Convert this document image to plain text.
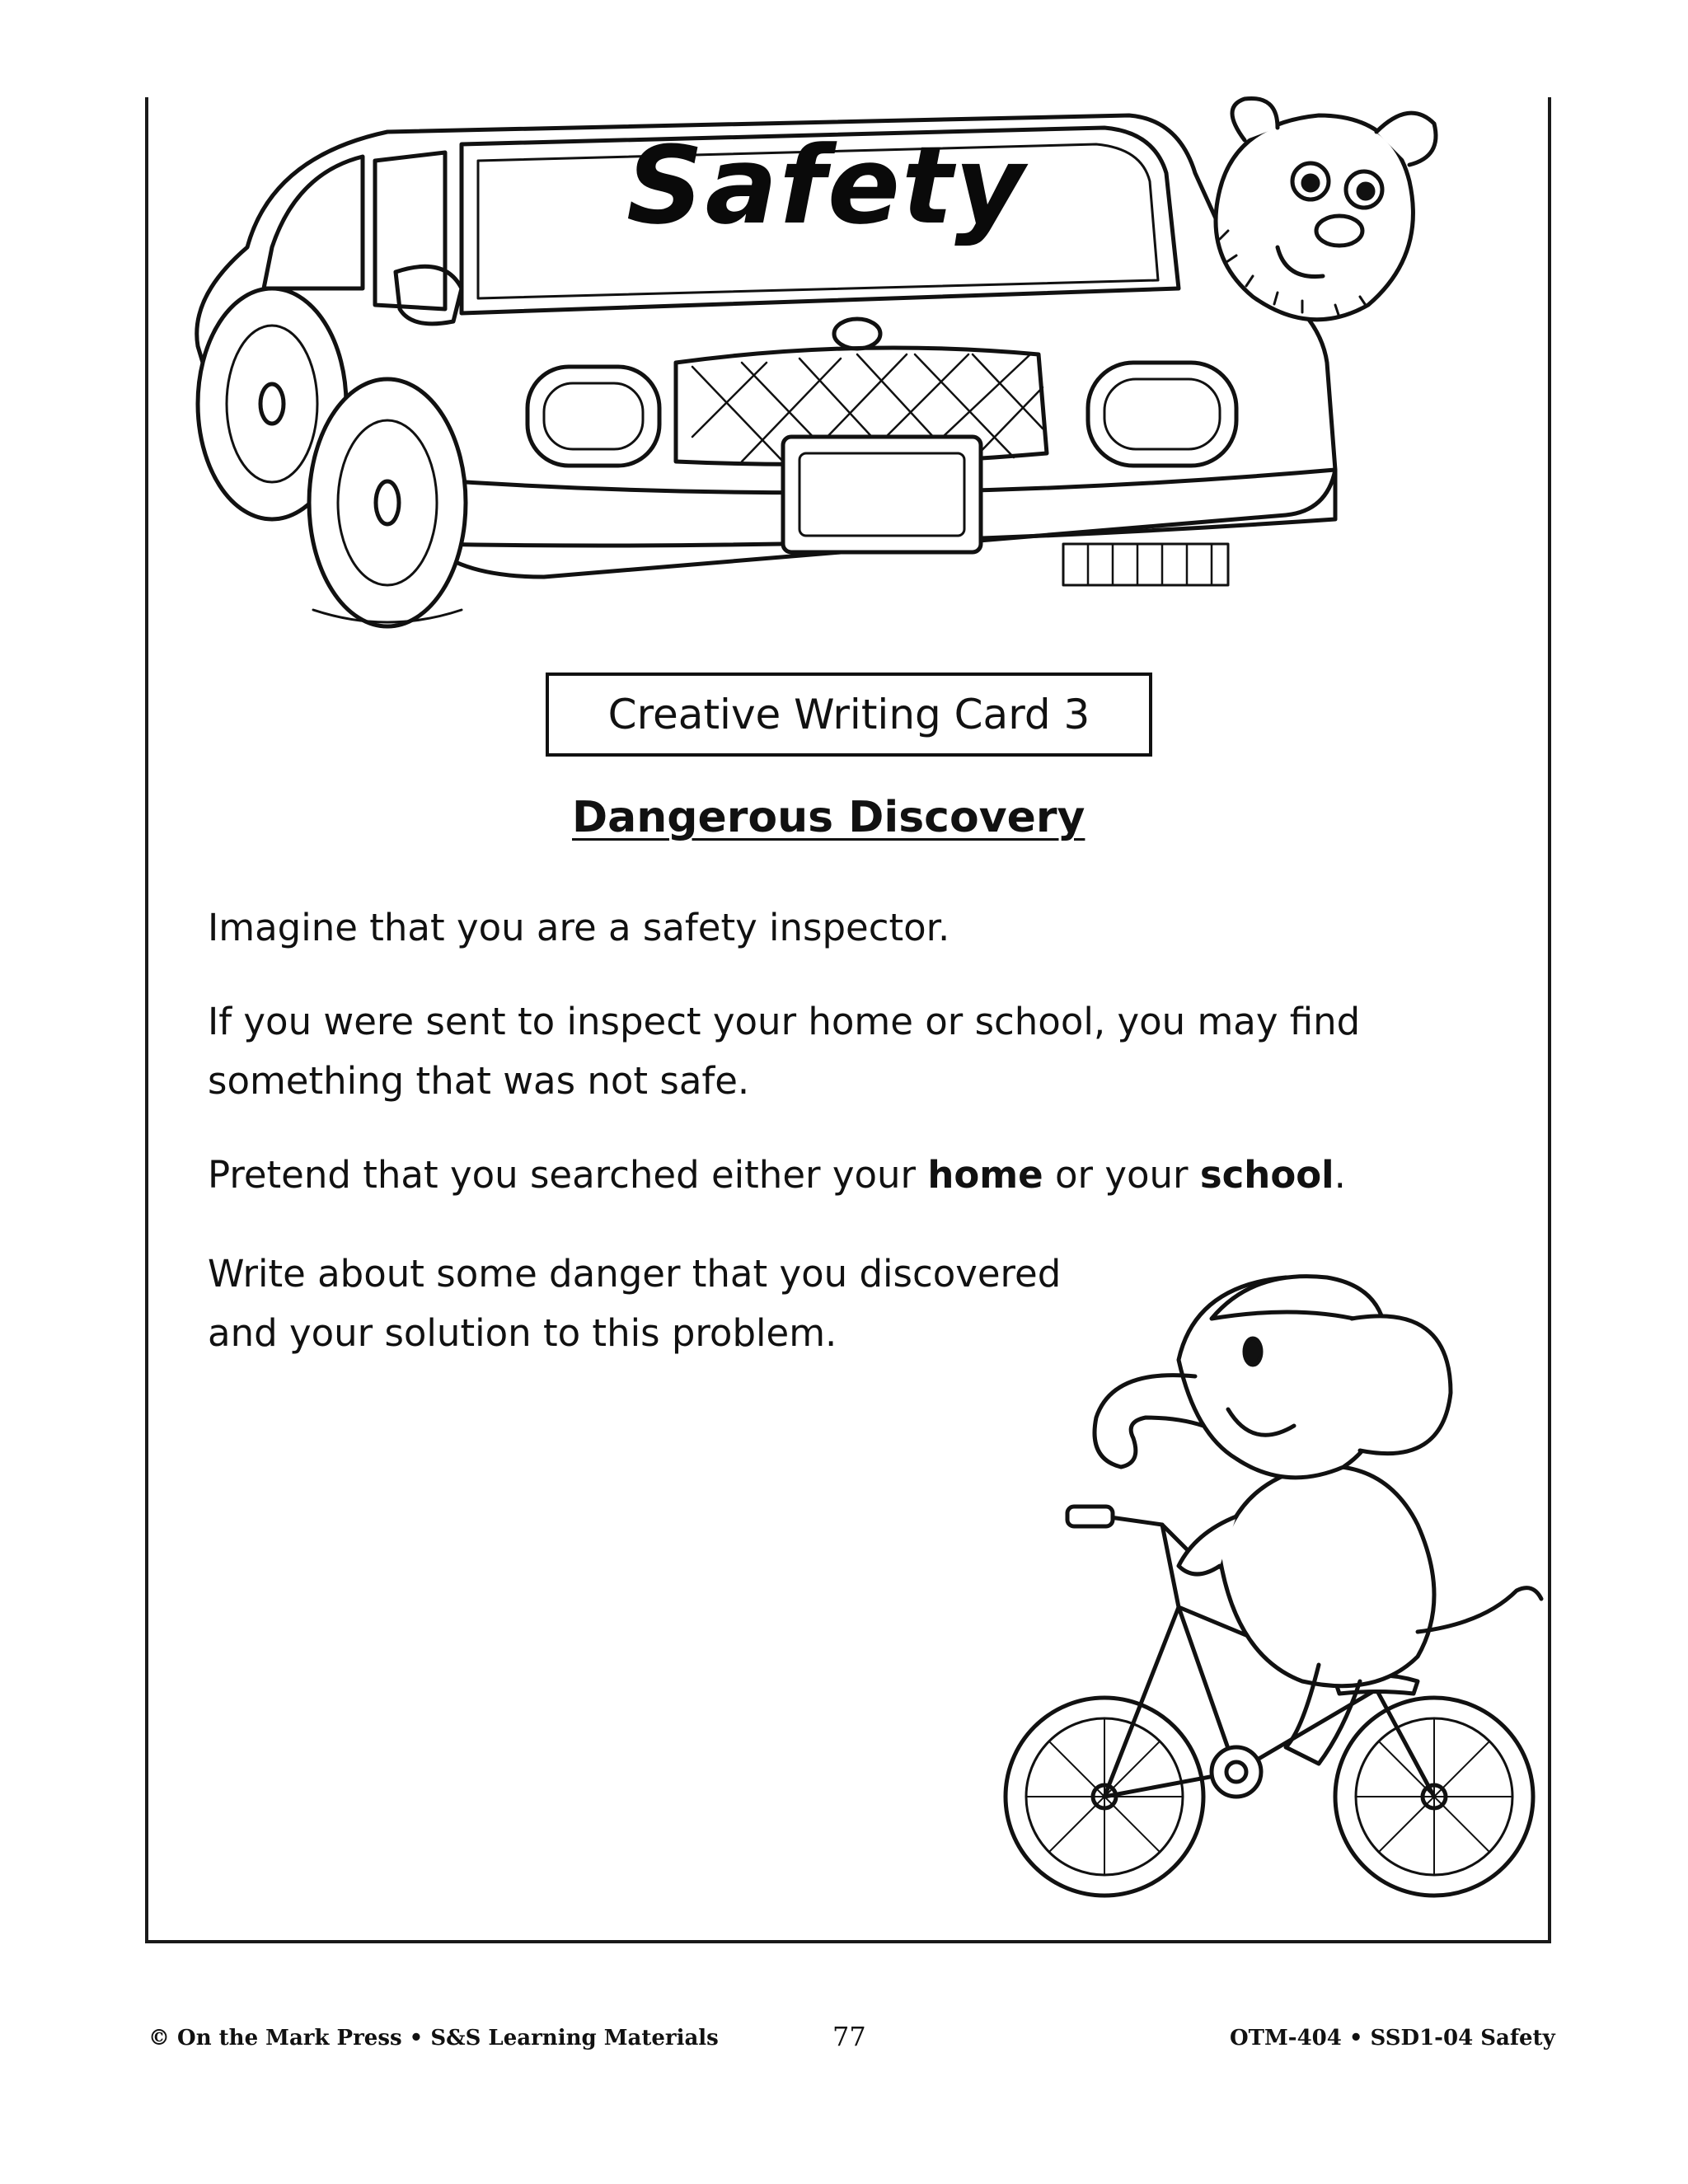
Safety
Creative Writing Card 3
Dangerous Discovery

Imagine that you are a safety inspector.

If you were sent to inspect your home or school, you may find
something that was not safe.

Pretend that you searched either your home or your school.

Write about some danger that you discovered
and your solution to this problem.

© On the Mark Press • S&S Learning Materials	77	OTM-404 • SSD1-04 Safety
